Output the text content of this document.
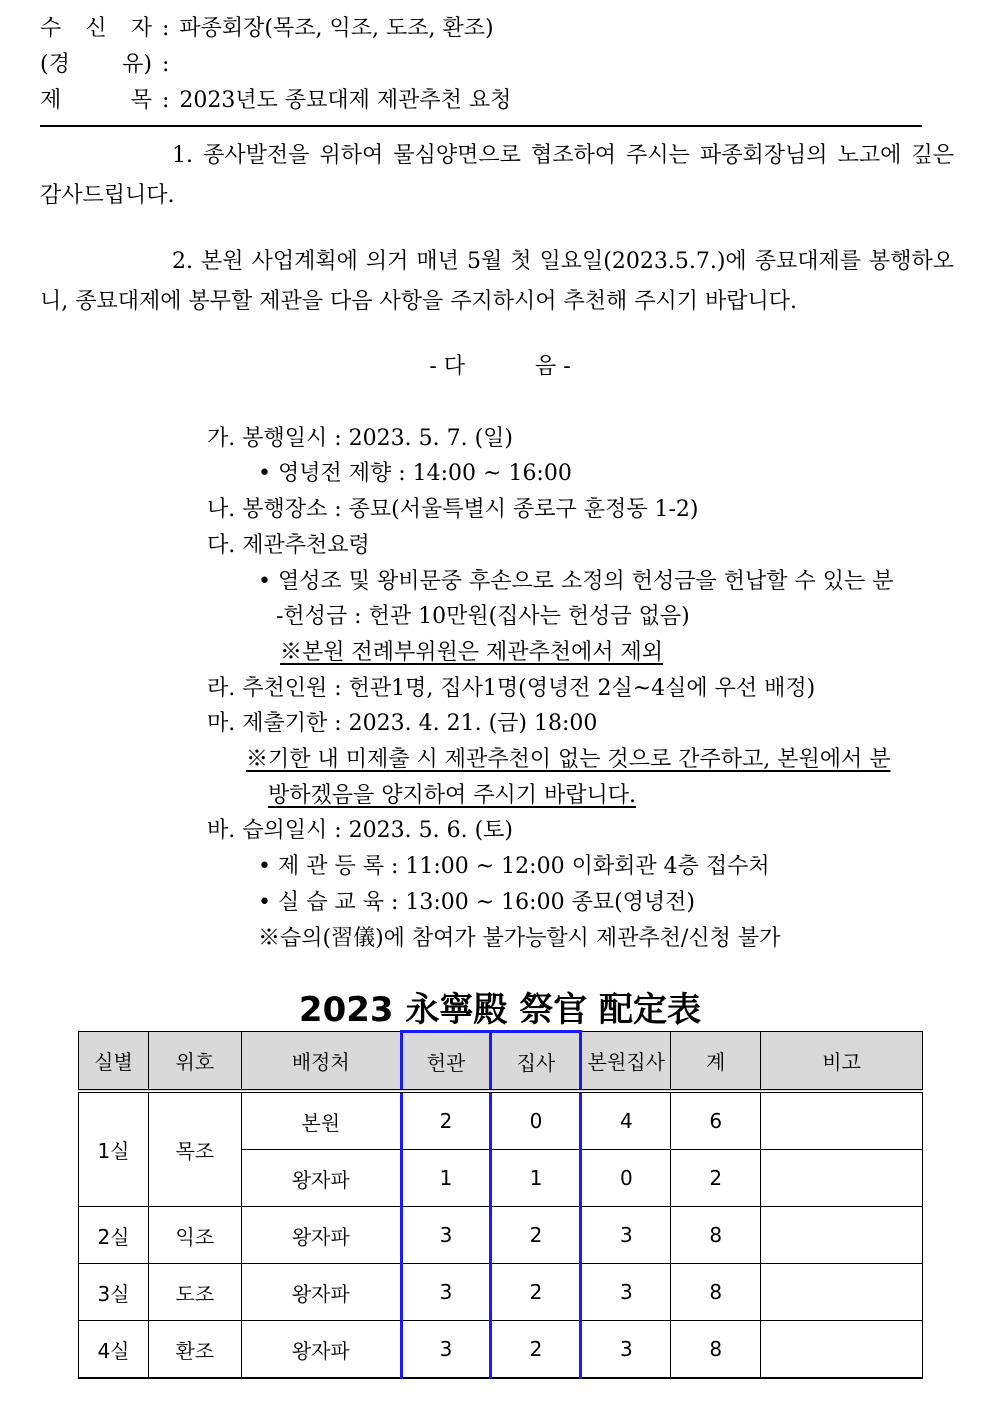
수 신 자 : 파종회장(목조, 익조, 도조, 환조)
(경 유) :
제 목 : 2023년도 종묘대제 제관추천 요청
1. 종사발전을 위하여 물심양면으로 협조하여 주시는 파종회장님의 노고에 깊은 감사드립니다.
2. 본원 사업계획에 의거 매년 5월 첫 일요일(2023.5.7.)에 종묘대제를 봉행하오니, 종묘대제에 봉무할 제관을 다음 사항을 주지하시어 추천해 주시기 바랍니다.
- 다          음 -
가. 봉행일시 : 2023. 5. 7. (일)
• 영녕전 제향 : 14:00 ~ 16:00
나. 봉행장소 : 종묘(서울특별시 종로구 훈정동 1-2)
다. 제관추천요령
• 열성조 및 왕비문중 후손으로 소정의 헌성금을 헌납할 수 있는 분
-헌성금 : 헌관 10만원(집사는 헌성금 없음)
※본원 전례부위원은 제관추천에서 제외
라. 추천인원 : 헌관1명, 집사1명(영녕전 2실~4실에 우선 배정)
마. 제출기한 : 2023. 4. 21. (금) 18:00
※기한 내 미제출 시 제관추천이 없는 것으로 간주하고, 본원에서 분
방하겠음을 양지하여 주시기 바랍니다.
바. 습의일시 : 2023. 5. 6. (토)
• 제 관 등 록 : 11:00 ~ 12:00 이화회관 4층 접수처
• 실 습 교 육 : 13:00 ~ 16:00 종묘(영녕전)
※습의(習儀)에 참여가 불가능할시 제관추천/신청 불가
2023 永寧殿 祭官 配定表
실별	위호	배정처	헌관	집사	본원집사	계	비고
1실	목조	본원	2	0	4	6	
		왕자파	1	1	0	2	
2실	익조	왕자파	3	2	3	8	
3실	도조	왕자파	3	2	3	8	
4실	환조	왕자파	3	2	3	8	
